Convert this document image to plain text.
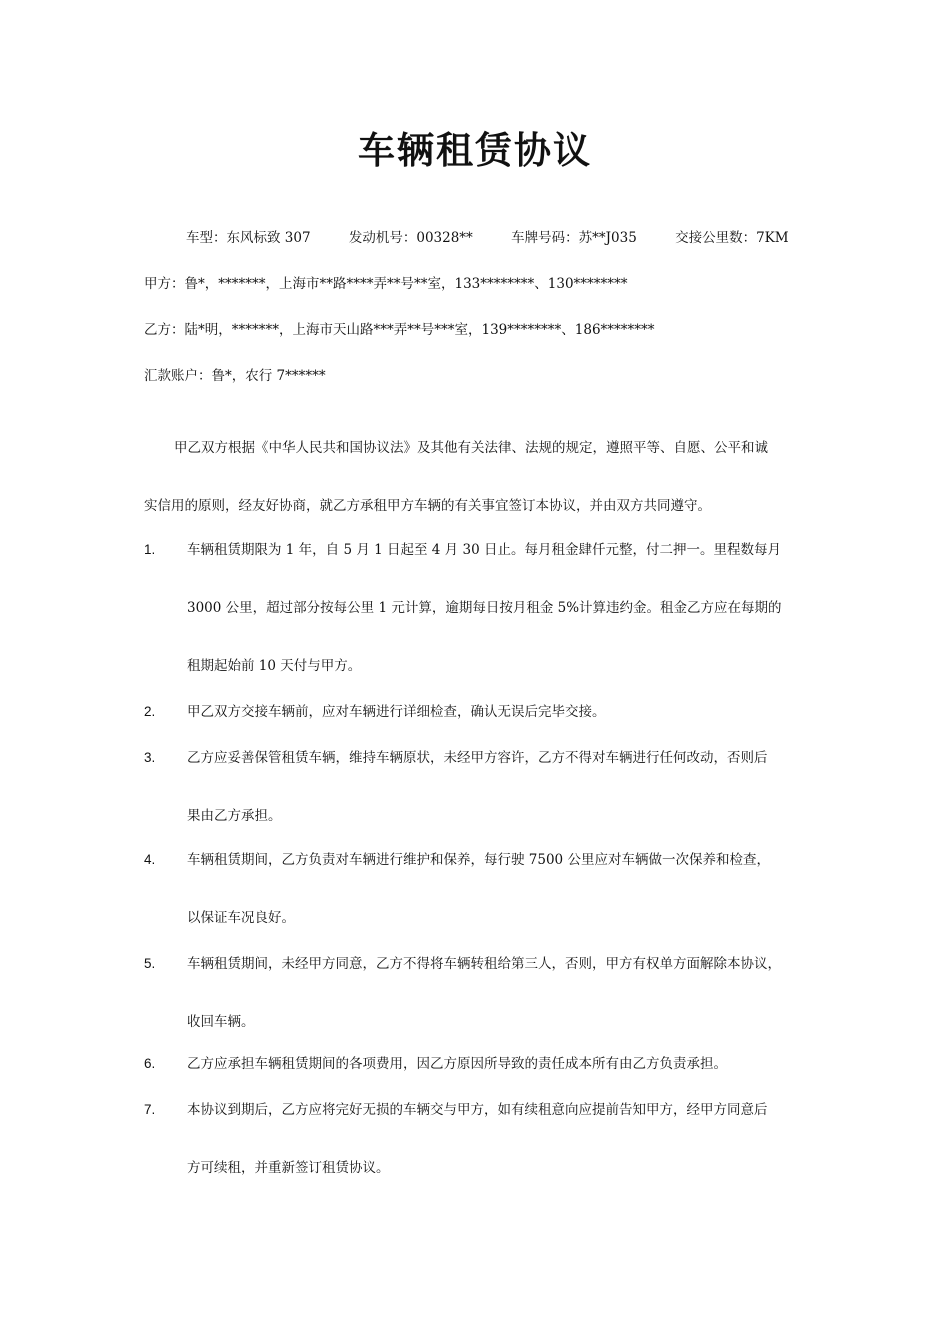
车辆租赁协议
车型：东风标致 307	发动机号：00328**	车牌号码：苏**J035	交接公里数：7KM
甲方：鲁*，*******，上海市**路****弄**号**室，133********、130********
乙方：陆*明，*******，上海市天山路***弄**号***室，139********、186********
汇款账户：鲁*，农行 7******
甲乙双方根据《中华人民共和国协议法》及其他有关法律、法规的规定，遵照平等、自愿、公平和诚
实信用的原则，经友好协商，就乙方承租甲方车辆的有关事宜签订本协议，并由双方共同遵守。
1. 车辆租赁期限为 1 年，自 5 月 1 日起至 4 月 30 日止。每月租金肆仟元整，付二押一。里程数每月
3000 公里，超过部分按每公里 1 元计算，逾期每日按月租金 5%计算违约金。租金乙方应在每期的
租期起始前 10 天付与甲方。
2. 甲乙双方交接车辆前，应对车辆进行详细检查，确认无误后完毕交接。
3. 乙方应妥善保管租赁车辆，维持车辆原状，未经甲方容许，乙方不得对车辆进行任何改动，否则后
果由乙方承担。
4. 车辆租赁期间，乙方负责对车辆进行维护和保养，每行驶 7500 公里应对车辆做一次保养和检查，
以保证车况良好。
5. 车辆租赁期间，未经甲方同意，乙方不得将车辆转租给第三人，否则，甲方有权单方面解除本协议，
收回车辆。
6. 乙方应承担车辆租赁期间的各项费用，因乙方原因所导致的责任成本所有由乙方负责承担。
7. 本协议到期后，乙方应将完好无损的车辆交与甲方，如有续租意向应提前告知甲方，经甲方同意后
方可续租，并重新签订租赁协议。
